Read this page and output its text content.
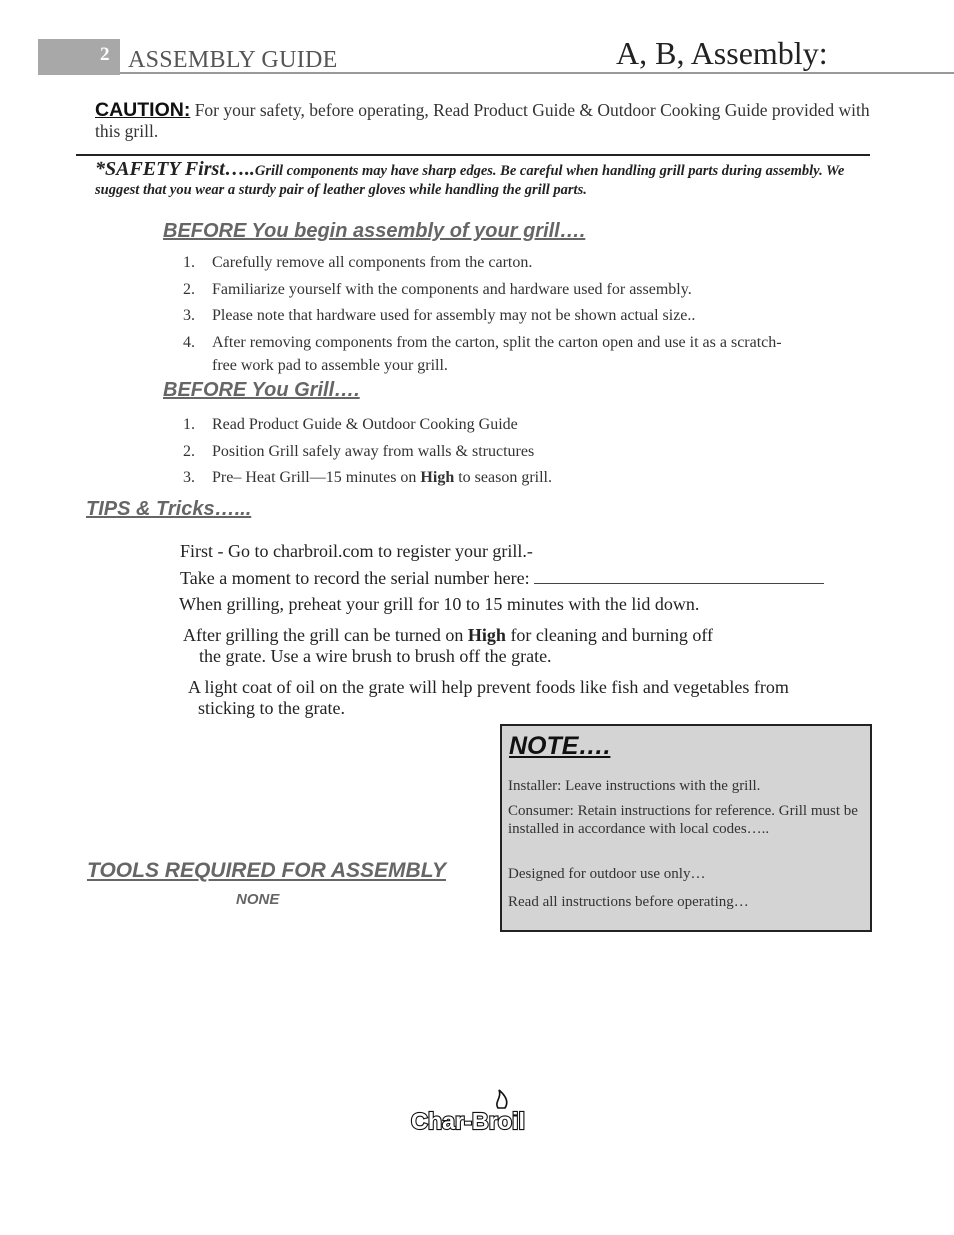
2 ASSEMBLY GUIDE	A, B, Assembly:
CAUTION: For your safety, before operating, Read Product Guide & Outdoor Cooking Guide provided with this grill.
*SAFETY First…..Grill components may have sharp edges. Be careful when handling grill parts during assembly. We suggest that you wear a sturdy pair of leather gloves while handling the grill parts.
BEFORE You begin assembly of your grill….
1. Carefully remove all components from the carton.
2. Familiarize yourself with the components and hardware used for assembly.
3. Please note that hardware used for assembly may not be shown actual size..
4. After removing components from the carton, split the carton open and use it as a scratch-free work pad to assemble your grill.
BEFORE You Grill….
1. Read Product Guide & Outdoor Cooking Guide
2. Position Grill safely away from walls & structures
3. Pre– Heat Grill—15 minutes on High to season grill.
TIPS & Tricks…...
First - Go to charbroil.com to register your grill.-
Take a moment to record the serial number here:
When grilling, preheat your grill for 10 to 15 minutes with the lid down.
After grilling the grill can be turned on High for cleaning and burning off
the grate. Use a wire brush to brush off the grate.
A light coat of oil on the grate will help prevent foods like fish and vegetables from
sticking to the grate.
NOTE….
Installer: Leave instructions with the grill.
Consumer: Retain instructions for reference. Grill must be installed in accordance with local codes…..
Designed for outdoor use only…
Read all instructions before operating…
TOOLS REQUIRED FOR ASSEMBLY
NONE
Char-Broil
